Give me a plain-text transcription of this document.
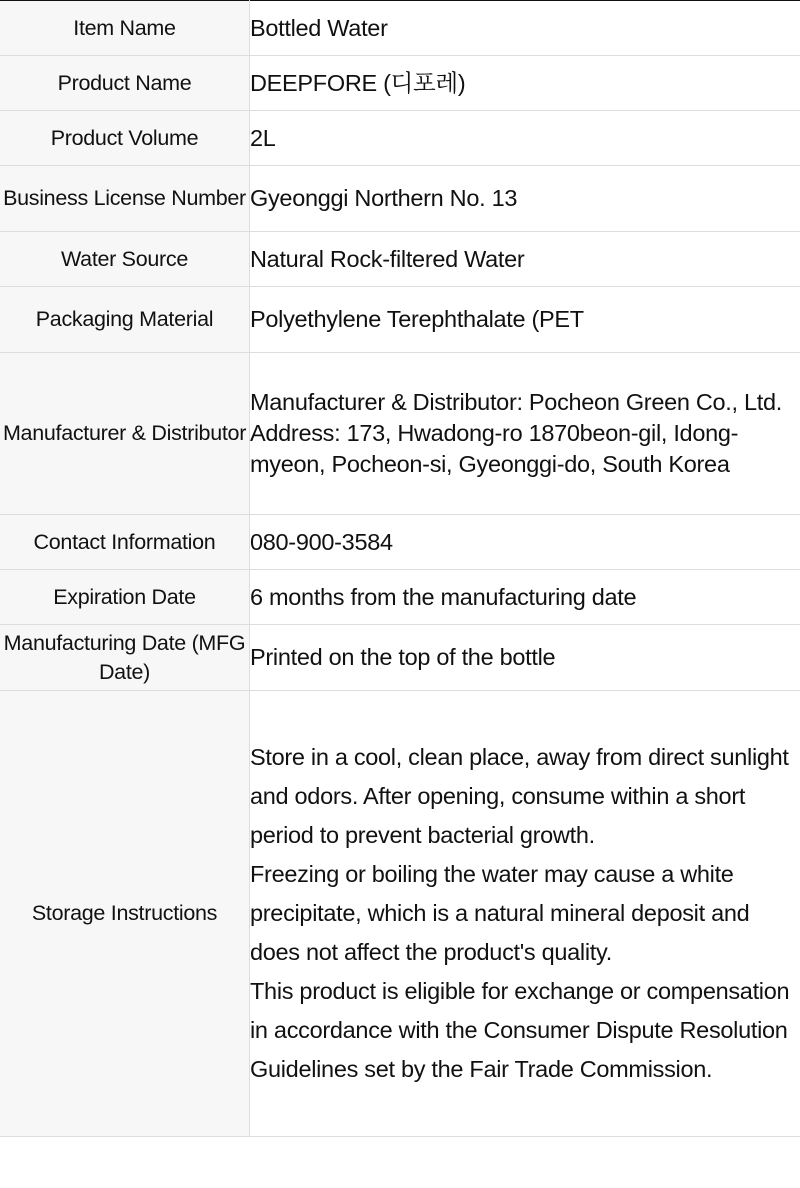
Item Name	Bottled Water

Product Name	DEEPFORE (디포레)

Product Volume	2L

Business License Number	Gyeonggi Northern No. 13

Water Source	Natural Rock-filtered Water

Packaging Material	Polyethylene Terephthalate (PET

Manufacturer & Distributor	Manufacturer & Distributor: Pocheon Green Co., Ltd.
Address: 173, Hwadong-ro 1870beon-gil, Idong-myeon, Pocheon-si, Gyeonggi-do, South Korea

Contact Information	080-900-3584

Expiration Date	6 months from the manufacturing date

Manufacturing Date (MFG Date)	Printed on the top of the bottle

Storage Instructions	Store in a cool, clean place, away from direct sunlight and odors. After opening, consume within a short period to prevent bacterial growth.
Freezing or boiling the water may cause a white precipitate, which is a natural mineral deposit and does not affect the product's quality.
This product is eligible for exchange or compensation in accordance with the Consumer Dispute Resolution Guidelines set by the Fair Trade Commission.
